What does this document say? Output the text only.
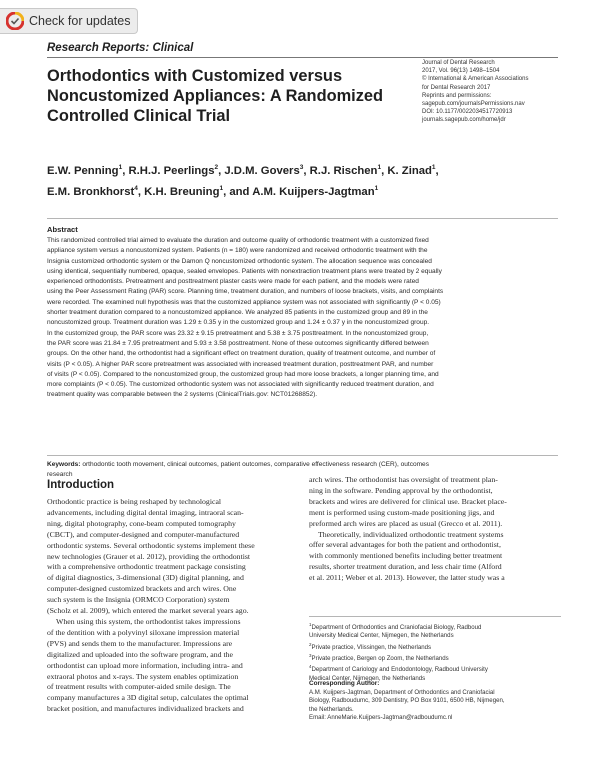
Check for updates
Research Reports: Clinical
Orthodontics with Customized versus
Noncustomized Appliances: A Randomized
Controlled Clinical Trial
Journal of Dental Research
2017, Vol. 96(13) 1498–1504
© International & American Associations
for Dental Research 2017
Reprints and permissions:
sagepub.com/journalsPermissions.nav
DOI: 10.1177/0022034517720913
journals.sagepub.com/home/jdr
E.W. Penning$^1$, R.H.J. Peerlings$^2$, J.D.M. Govers$^3$, R.J. Rischen$^1$, K. Zinad$^1$,
E.M. Bronkhorst$^4$, K.H. Breuning$^1$, and A.M. Kuijpers-Jagtman$^1$
Abstract
This randomized controlled trial aimed to evaluate the duration and outcome quality of orthodontic treatment with a customized fixed
appliance system versus a noncustomized system. Patients (n = 180) were randomized and received orthodontic treatment with the
Insignia customized orthodontic system or the Damon Q noncustomized orthodontic system. The allocation sequence was concealed
using identical, sequentially numbered, opaque, sealed envelopes. Patients with nonextraction treatment plans were treated by 2 equally
experienced orthodontists. Pretreatment and posttreatment plaster casts were made for each patient, and the models were rated
using the Peer Assessment Rating (PAR) score. Planning time, treatment duration, and numbers of loose brackets, visits, and complaints
were recorded. The examined null hypothesis was that the customized appliance system was not associated with significantly (P < 0.05)
shorter treatment duration compared to a noncustomized appliance. We analyzed 85 patients in the customized group and 89 in the
noncustomized group. Treatment duration was 1.29 ± 0.35 y in the customized group and 1.24 ± 0.37 y in the noncustomized group.
In the customized group, the PAR score was 23.32 ± 9.15 pretreatment and 5.38 ± 3.75 posttreatment. In the noncustomized group,
the PAR score was 21.84 ± 7.95 pretreatment and 5.93 ± 3.58 posttreatment. None of these outcomes significantly differed between
groups. On the other hand, the orthodontist had a significant effect on treatment duration, quality of treatment outcome, and number of
visits (P < 0.05). A higher PAR score pretreatment was associated with increased treatment duration, posttreatment PAR, and number
of visits (P < 0.05). Compared to the noncustomized group, the customized group had more loose brackets, a longer planning time, and
more complaints (P < 0.05). The customized orthodontic system was not associated with significantly reduced treatment duration, and
treatment quality was comparable between the 2 systems (ClinicalTrials.gov: NCT01268852).
Keywords: orthodontic tooth movement, clinical outcomes, patient outcomes, comparative effectiveness research (CER), outcomes
research
Introduction
Orthodontic practice is being reshaped by technological
advancements, including digital dental imaging, intraoral scan-
ning, digital photography, cone-beam computed tomography
(CBCT), and computer-designed and computer-manufactured
orthodontic systems. Several orthodontic systems implement these
new technologies (Grauer et al. 2012), providing the orthodontist
with a comprehensive orthodontic treatment package consisting
of digital diagnostics, 3-dimensional (3D) digital planning, and
computer-designed customized brackets and arch wires. One
such system is the Insignia (ORMCO Corporation) system
(Scholz et al. 2009), which entered the market several years ago.
When using this system, the orthodontist takes impressions
of the dentition with a polyvinyl siloxane impression material
(PVS) and sends them to the manufacturer. Impressions are
digitalized and uploaded into the software program, and the
orthodontist can upload more information, including intra- and
extraoral photos and x-rays. The system enables optimization
of treatment results with computer-aided smile design. The
company manufactures a 3D digital setup, calculates the optimal
bracket position, and manufactures individualized brackets and
arch wires. The orthodontist has oversight of treatment plan-
ning in the software. Pending approval by the orthodontist,
brackets and wires are delivered for clinical use. Bracket place-
ment is performed using custom-made positioning jigs, and
preformed arch wires are placed as usual (Grecco et al. 2011).
Theoretically, individualized orthodontic treatment systems
offer several advantages for both the patient and orthodontist,
with commonly mentioned benefits including better treatment
results, shorter treatment duration, and less chair time (Alford
et al. 2011; Weber et al. 2013). However, the latter study was a
$^1$Department of Orthodontics and Craniofacial Biology, Radboud
University Medical Center, Nijmegen, the Netherlands
$^2$Private practice, Vlissingen, the Netherlands
$^3$Private practice, Bergen op Zoom, the Netherlands
$^4$Department of Cariology and Endodontology, Radboud University
Medical Center, Nijmegen, the Netherlands
Corresponding Author:
A.M. Kuijpers-Jagtman, Department of Orthodontics and Craniofacial
Biology, Radboudumc, 309 Dentistry, PO Box 9101, 6500 HB, Nijmegen,
the Netherlands.
Email: AnneMarie.Kuijpers-Jagtman@radboudumc.nl
